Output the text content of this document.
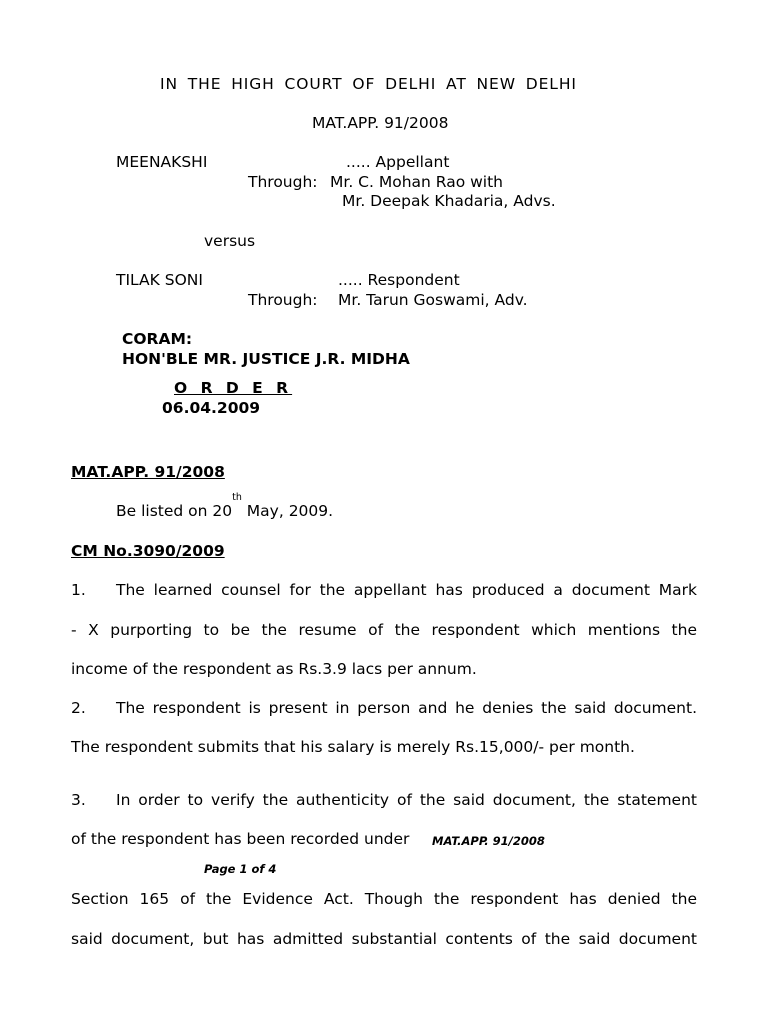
IN THE HIGH COURT OF DELHI AT NEW DELHI
MAT.APP. 91/2008
MEENAKSHI	..... Appellant
Through: Mr. C. Mohan Rao with
Mr. Deepak Khadaria, Advs.
versus
TILAK SONI	..... Respondent
Through: Mr. Tarun Goswami, Adv.
CORAM:
HON'BLE MR. JUSTICE J.R. MIDHA
O R D E R
06.04.2009
MAT.APP. 91/2008
Be listed on 20th May, 2009.
CM No.3090/2009
1. The learned counsel for the appellant has produced a document Mark
- X purporting to be the resume of the respondent which mentions the
income of the respondent as Rs.3.9 lacs per annum.
2. The respondent is present in person and he denies the said document.
The respondent submits that his salary is merely Rs.15,000/- per month.
3. In order to verify the authenticity of the said document, the statement
of the respondent has been recorded under MAT.APP. 91/2008
Page 1 of 4
Section 165 of the Evidence Act. Though the respondent has denied the
said document, but has admitted substantial contents of the said document
